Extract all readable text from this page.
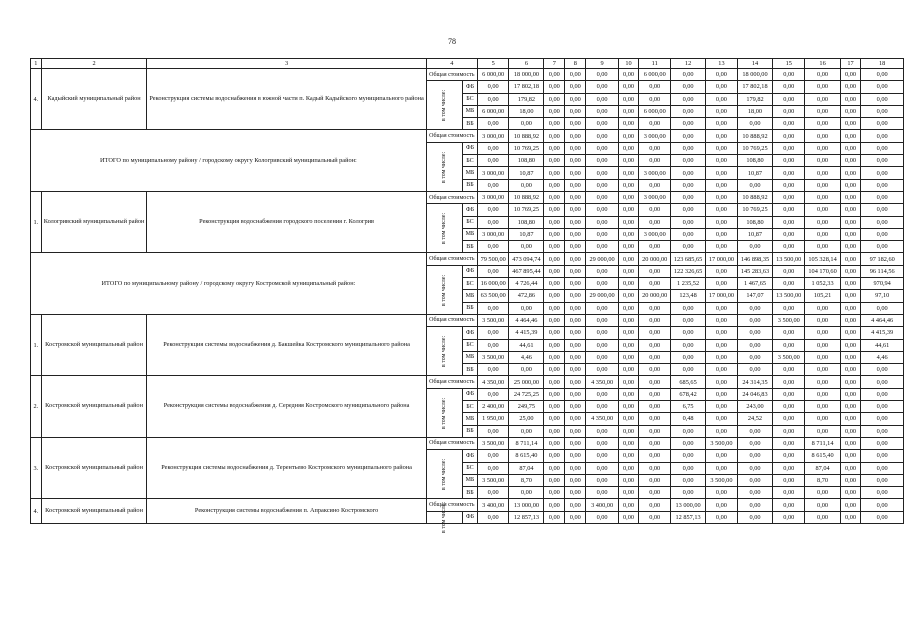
78
1	2	3	4		5	6	7	8	9	10	11	12	13	14	15	16	17	18
4.	Кадыйский муниципальный район	Реконструкция системы водоснабжения в южной части п. Кадый Кадыйского муниципального района	Общая стоимость		6 000,00	18 000,00	0,00	0,00	0,00	0,00	6 000,00	0,00	0,00	18 000,00	0,00	0,00	0,00	0,00
			в том числе:	ФБ	0,00	17 802,18	0,00	0,00	0,00	0,00	0,00	0,00	0,00	17 802,18	0,00	0,00	0,00	0,00
				БС	0,00	179,82	0,00	0,00	0,00	0,00	0,00	0,00	0,00	179,82	0,00	0,00	0,00	0,00
				МБ	6 000,00	18,00	0,00	0,00	0,00	0,00	6 000,00	0,00	0,00	18,00	0,00	0,00	0,00	0,00
				ВБ	0,00	0,00	0,00	0,00	0,00	0,00	0,00	0,00	0,00	0,00	0,00	0,00	0,00	0,00
ИТОГО по муниципальному району / городскому округу Кологривский муниципальный район:			Общая стоимость		3 000,00	10 888,92	0,00	0,00	0,00	0,00	3 000,00	0,00	0,00	10 888,92	0,00	0,00	0,00	0,00
			в том числе:	ФБ	0,00	10 769,25	0,00	0,00	0,00	0,00	0,00	0,00	0,00	10 769,25	0,00	0,00	0,00	0,00
				БС	0,00	108,80	0,00	0,00	0,00	0,00	0,00	0,00	0,00	108,80	0,00	0,00	0,00	0,00
				МБ	3 000,00	10,87	0,00	0,00	0,00	0,00	3 000,00	0,00	0,00	10,87	0,00	0,00	0,00	0,00
				ВБ	0,00	0,00	0,00	0,00	0,00	0,00	0,00	0,00	0,00	0,00	0,00	0,00	0,00	0,00
1.	Кологривский муниципальный район	Реконструкция водоснабжения городского поселения г. Кологрив	Общая стоимость		3 000,00	10 888,92	0,00	0,00	0,00	0,00	3 000,00	0,00	0,00	10 888,92	0,00	0,00	0,00	0,00
			в том числе:	ФБ	0,00	10 769,25	0,00	0,00	0,00	0,00	0,00	0,00	0,00	10 769,25	0,00	0,00	0,00	0,00
				БС	0,00	108,80	0,00	0,00	0,00	0,00	0,00	0,00	0,00	108,80	0,00	0,00	0,00	0,00
				МБ	3 000,00	10,87	0,00	0,00	0,00	0,00	3 000,00	0,00	0,00	10,87	0,00	0,00	0,00	0,00
				ВБ	0,00	0,00	0,00	0,00	0,00	0,00	0,00	0,00	0,00	0,00	0,00	0,00	0,00	0,00
ИТОГО по муниципальному району / городскому округу Костромской муниципальный район:			Общая стоимость		79 500,00	473 094,74	0,00	0,00	29 000,00	0,00	20 000,00	123 685,65	17 000,00	146 898,35	13 500,00	105 328,14	0,00	97 182,60
			в том числе:	ФБ	0,00	467 895,44	0,00	0,00	0,00	0,00	0,00	122 326,65	0,00	145 283,63	0,00	104 170,60	0,00	96 114,56
				БС	16 000,00	4 726,44	0,00	0,00	0,00	0,00	0,00	1 235,52	0,00	1 467,65	0,00	1 052,33	0,00	970,94
				МБ	63 500,00	472,86	0,00	0,00	29 000,00	0,00	20 000,00	123,48	17 000,00	147,07	13 500,00	105,21	0,00	97,10
				ВБ	0,00	0,00	0,00	0,00	0,00	0,00	0,00	0,00	0,00	0,00	0,00	0,00	0,00	0,00
1.	Костромской муниципальный район	Реконструкция системы водоснабжения д. Бакшейка Костромского муниципального района	Общая стоимость		3 500,00	4 464,46	0,00	0,00	0,00	0,00	0,00	0,00	0,00	0,00	3 500,00	0,00	0,00	4 464,46
			в том числе:	ФБ	0,00	4 415,39	0,00	0,00	0,00	0,00	0,00	0,00	0,00	0,00	0,00	0,00	0,00	4 415,39
				БС	0,00	44,61	0,00	0,00	0,00	0,00	0,00	0,00	0,00	0,00	0,00	0,00	0,00	44,61
				МБ	3 500,00	4,46	0,00	0,00	0,00	0,00	0,00	0,00	0,00	0,00	3 500,00	0,00	0,00	4,46
				ВБ	0,00	0,00	0,00	0,00	0,00	0,00	0,00	0,00	0,00	0,00	0,00	0,00	0,00	0,00
2.	Костромской муниципальный район	Реконструкция системы водоснабжения д. Середняя Костромского муниципального района	Общая стоимость		4 350,00	25 000,00	0,00	0,00	4 350,00	0,00	0,00	685,65	0,00	24 314,35	0,00	0,00	0,00	0,00
			в том числе:	ФБ	0,00	24 725,25	0,00	0,00	0,00	0,00	0,00	678,42	0,00	24 046,83	0,00	0,00	0,00	0,00
				БС	2 400,00	249,75	0,00	0,00	0,00	0,00	0,00	6,75	0,00	243,00	0,00	0,00	0,00	0,00
				МБ	1 950,00	25,00	0,00	0,00	4 350,00	0,00	0,00	0,48	0,00	24,52	0,00	0,00	0,00	0,00
				ВБ	0,00	0,00	0,00	0,00	0,00	0,00	0,00	0,00	0,00	0,00	0,00	0,00	0,00	0,00
3.	Костромской муниципальный район	Реконструкция системы водоснабжения д. Терентьево Костромского муниципального района	Общая стоимость		3 500,00	8 711,14	0,00	0,00	0,00	0,00	0,00	0,00	3 500,00	0,00	0,00	8 711,14	0,00	0,00
			в том числе:	ФБ	0,00	8 615,40	0,00	0,00	0,00	0,00	0,00	0,00	0,00	0,00	0,00	8 615,40	0,00	0,00
				БС	0,00	87,04	0,00	0,00	0,00	0,00	0,00	0,00	0,00	0,00	0,00	87,04	0,00	0,00
				МБ	3 500,00	8,70	0,00	0,00	0,00	0,00	0,00	0,00	3 500,00	0,00	0,00	8,70	0,00	0,00
				ВБ	0,00	0,00	0,00	0,00	0,00	0,00	0,00	0,00	0,00	0,00	0,00	0,00	0,00	0,00
4.	Костромской муниципальный район	Реконструкция системы водоснабжения п. Апраксино Костромского	Общая стоимость		3 400,00	13 000,00	0,00	0,00	3 400,00	0,00	0,00	13 000,00	0,00	0,00	0,00	0,00	0,00	0,00
			в том числе:	ФБ	0,00	12 857,13	0,00	0,00	0,00	0,00	0,00	12 857,13	0,00	0,00	0,00	0,00	0,00	0,00
